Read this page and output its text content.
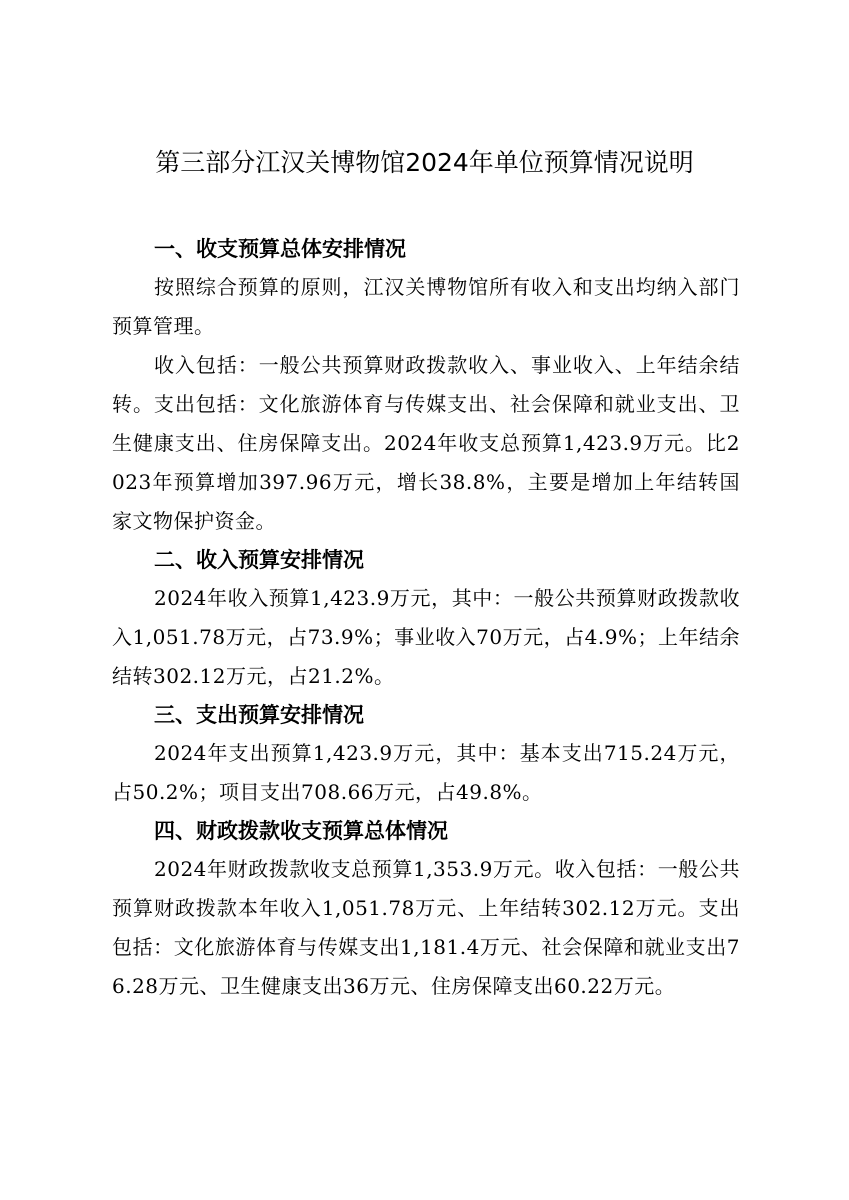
第三部分江汉关博物馆2024年单位预算情况说明
一、收支预算总体安排情况

按照综合预算的原则，江汉关博物馆所有收入和支出均纳入部门预算管理。

收入包括：一般公共预算财政拨款收入、事业收入、上年结余结转。支出包括：文化旅游体育与传媒支出、社会保障和就业支出、卫生健康支出、住房保障支出。2024年收支总预算1,423.9万元。比2023年预算增加397.96万元，增长38.8%，主要是增加上年结转国家文物保护资金。

二、收入预算安排情况

2024年收入预算1,423.9万元，其中：一般公共预算财政拨款收入1,051.78万元，占73.9%；事业收入70万元，占4.9%；上年结余结转302.12万元，占21.2%。

三、支出预算安排情况

2024年支出预算1,423.9万元，其中：基本支出715.24万元，占50.2%；项目支出708.66万元，占49.8%。

四、财政拨款收支预算总体情况

2024年财政拨款收支总预算1,353.9万元。收入包括：一般公共预算财政拨款本年收入1,051.78万元、上年结转302.12万元。支出包括：文化旅游体育与传媒支出1,181.4万元、社会保障和就业支出76.28万元、卫生健康支出36万元、住房保障支出60.22万元。
